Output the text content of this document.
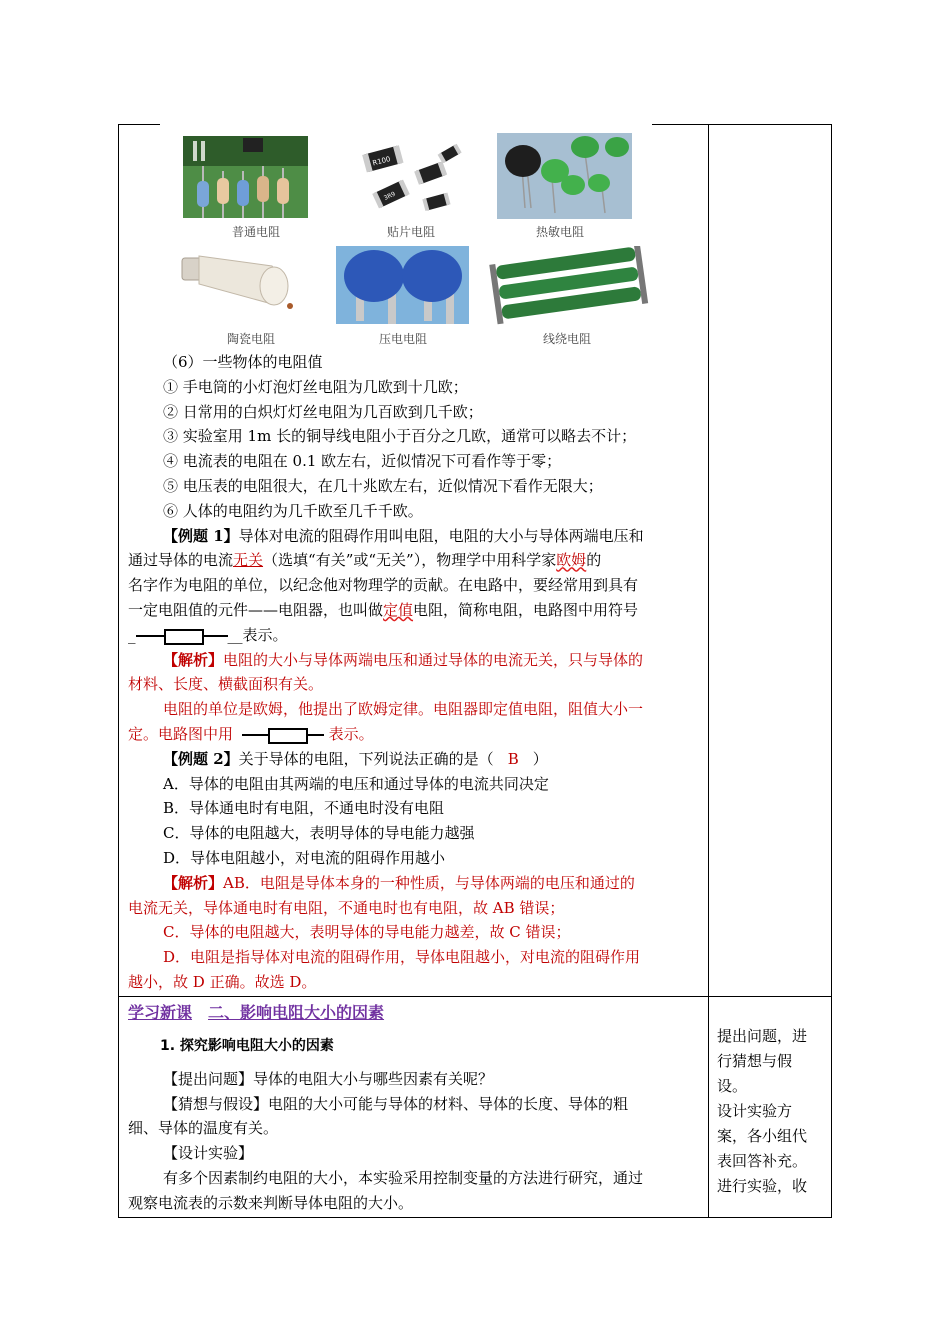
R100
3R9
普通电阻	贴片电阻	热敏电阻
陶瓷电阻	压电电阻	线绕电阻

（6）一些物体的电阻值

① 手电筒的小灯泡灯丝电阻为几欧到十几欧；

② 日常用的白炽灯灯丝电阻为几百欧到几千欧；

③ 实验室用 1m 长的铜导线电阻小于百分之几欧，通常可以略去不计；

④ 电流表的电阻在 0.1 欧左右，近似情况下可看作等于零；

⑤ 电压表的电阻很大，在几十兆欧左右，近似情况下看作无限大；

⑥ 人体的电阻约为几千欧至几千千欧。

【例题 1】导体对电流的阻碍作用叫电阻，电阻的大小与导体两端电压和

通过导体的电流无关（选填“有关”或“无关”），物理学中用科学家欧姆的

名字作为电阻的单位，以纪念他对物理学的贡献。在电路中，要经常用到具有

一定电阻值的元件——电阻器，也叫做定值电阻，简称电阻，电路图中用符号

_	__表示。

【解析】电阻的大小与导体两端电压和通过导体的电流无关，只与导体的

材料、长度、横截面积有关。

电阻的单位是欧姆，他提出了欧姆定律。电阻器即定值电阻，阻值大小一

定。电路图中用	表示。

【例题 2】关于导体的电阻，下列说法正确的是（ B ）

A．导体的电阻由其两端的电压和通过导体的电流共同决定

B．导体通电时有电阻，不通电时没有电阻

C．导体的电阻越大，表明导体的导电能力越强

D．导体电阻越小，对电流的阻碍作用越小

【解析】AB．电阻是导体本身的一种性质，与导体两端的电压和通过的

电流无关，导体通电时有电阻，不通电时也有电阻，故 AB 错误；

C．导体的电阻越大，表明导体的导电能力越差，故 C 错误；

D．电阻是指导体对电流的阻碍作用，导体电阻越小，对电流的阻碍作用

越小，故 D 正确。故选 D。

学习新课 二、影响电阻大小的因素

1. 探究影响电阻大小的因素

【提出问题】导体的电阻大小与哪些因素有关呢？

【猜想与假设】电阻的大小可能与导体的材料、导体的长度、导体的粗

细、导体的温度有关。

【设计实验】

有多个因素制约电阻的大小，本实验采用控制变量的方法进行研究，通过

观察电流表的示数来判断导体电阻的大小。

提出问题，进
行猜想与假
设。
设计实验方
案，各小组代
表回答补充。
进行实验，收
